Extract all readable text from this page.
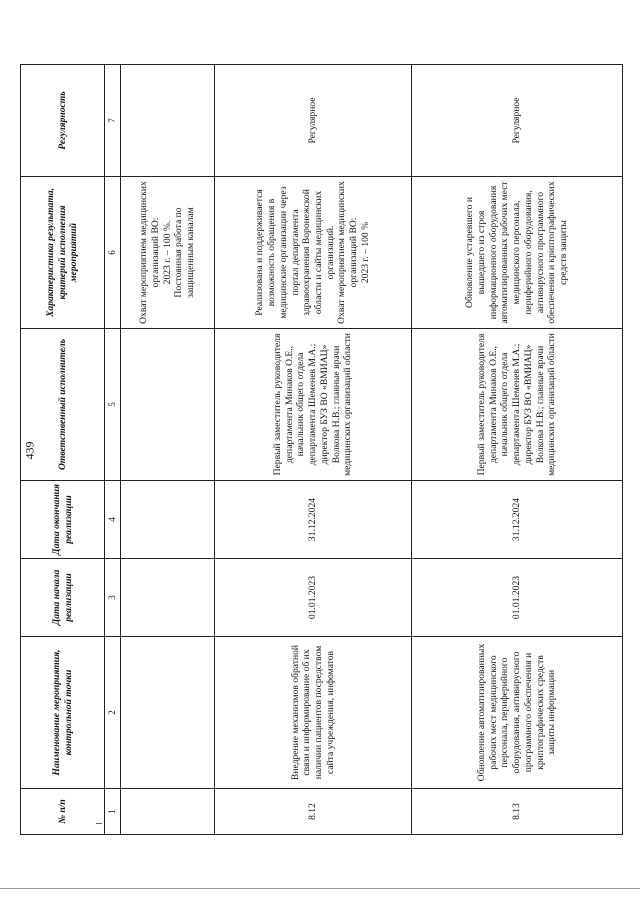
439
№ п/п	Наименование мероприятия, контрольной точки	Дата начала реализации	Дата окончания реализации	Ответственный исполнитель	Характеристика результата, критерий исполнения мероприятий	Регулярность
1	2	3	4	5	6	7

					Охват мероприятием медицинских организаций ВО: 2023 г. – 100 %. Постоянная работа по защищенным каналам	

8.12	Внедрение механизмов обратной связи и информирование об их наличии пациентов посредством сайта учреждения, инфоматов	01.01.2023	31.12.2024	Первый заместитель руководителя департамента Минаков О.Е., начальник общего отдела департамента Шеменев М.А.; директор БУЗ ВО «ВМИАЦ» Волкова Н.В.; главные врачи медицинских организаций области	Реализована и поддерживается возможность обращения в медицинские организации через портал департамента здравоохранения Воронежской области и сайты медицинских организаций. Охват мероприятием медицинских организаций ВО: 2023 г. – 100 %	Регулярное
8.13	Обновление автоматизированных рабочих мест медицинского персонала, периферийного оборудования, антивирусного программного обеспечения и криптографических средств защиты информации	01.01.2023	31.12.2024	Первый заместитель руководителя департамента Минаков О.Е., начальник общего отдела департамента Шеменев М.А.; директор БУЗ ВО «ВМИАЦ» Волкова Н.В.; главные врачи медицинских организаций области	Обновление устаревшего и вышедшего из строя информационного оборудования автоматизированных рабочих мест медицинского персонала, периферийного оборудования, антивирусного программного обеспечения и криптографических средств защиты	Регулярное
